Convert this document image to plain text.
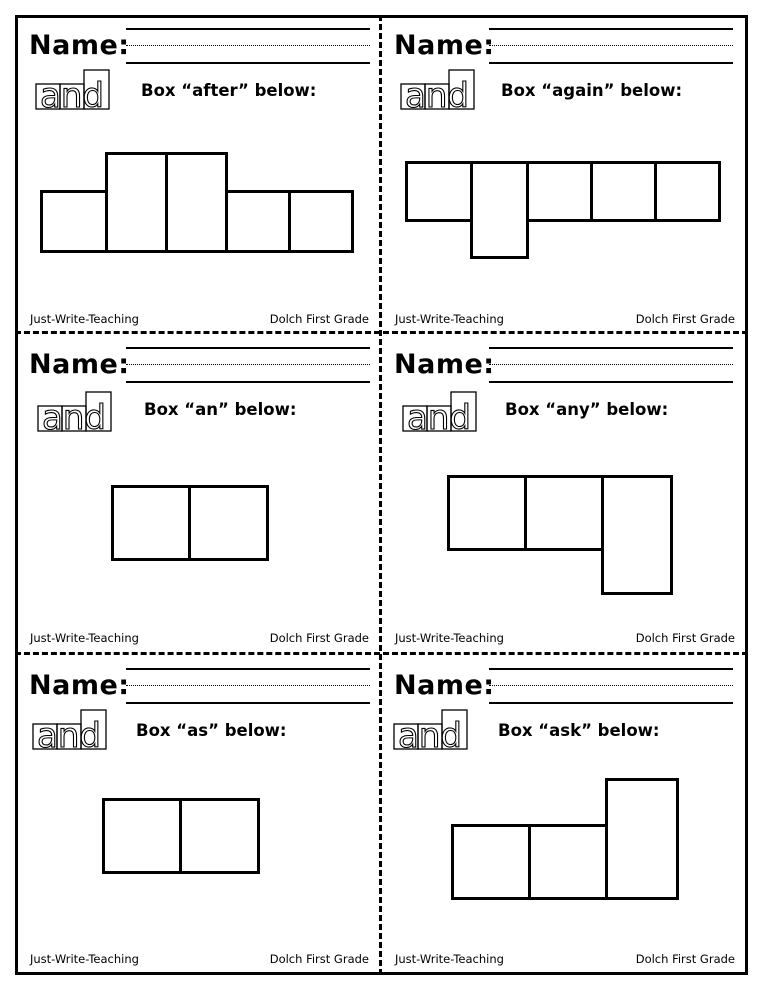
Name:
and Box “after” below:
Just-Write-Teaching	Dolch First Grade
Name:
and Box “again” below:
Just-Write-Teaching	Dolch First Grade
Name:
and Box “an” below:
Just-Write-Teaching	Dolch First Grade
Name:
and Box “any” below:
Just-Write-Teaching	Dolch First Grade
Name:
and Box “as” below:
Just-Write-Teaching	Dolch First Grade
Name:
and Box “ask” below:
Just-Write-Teaching	Dolch First Grade
